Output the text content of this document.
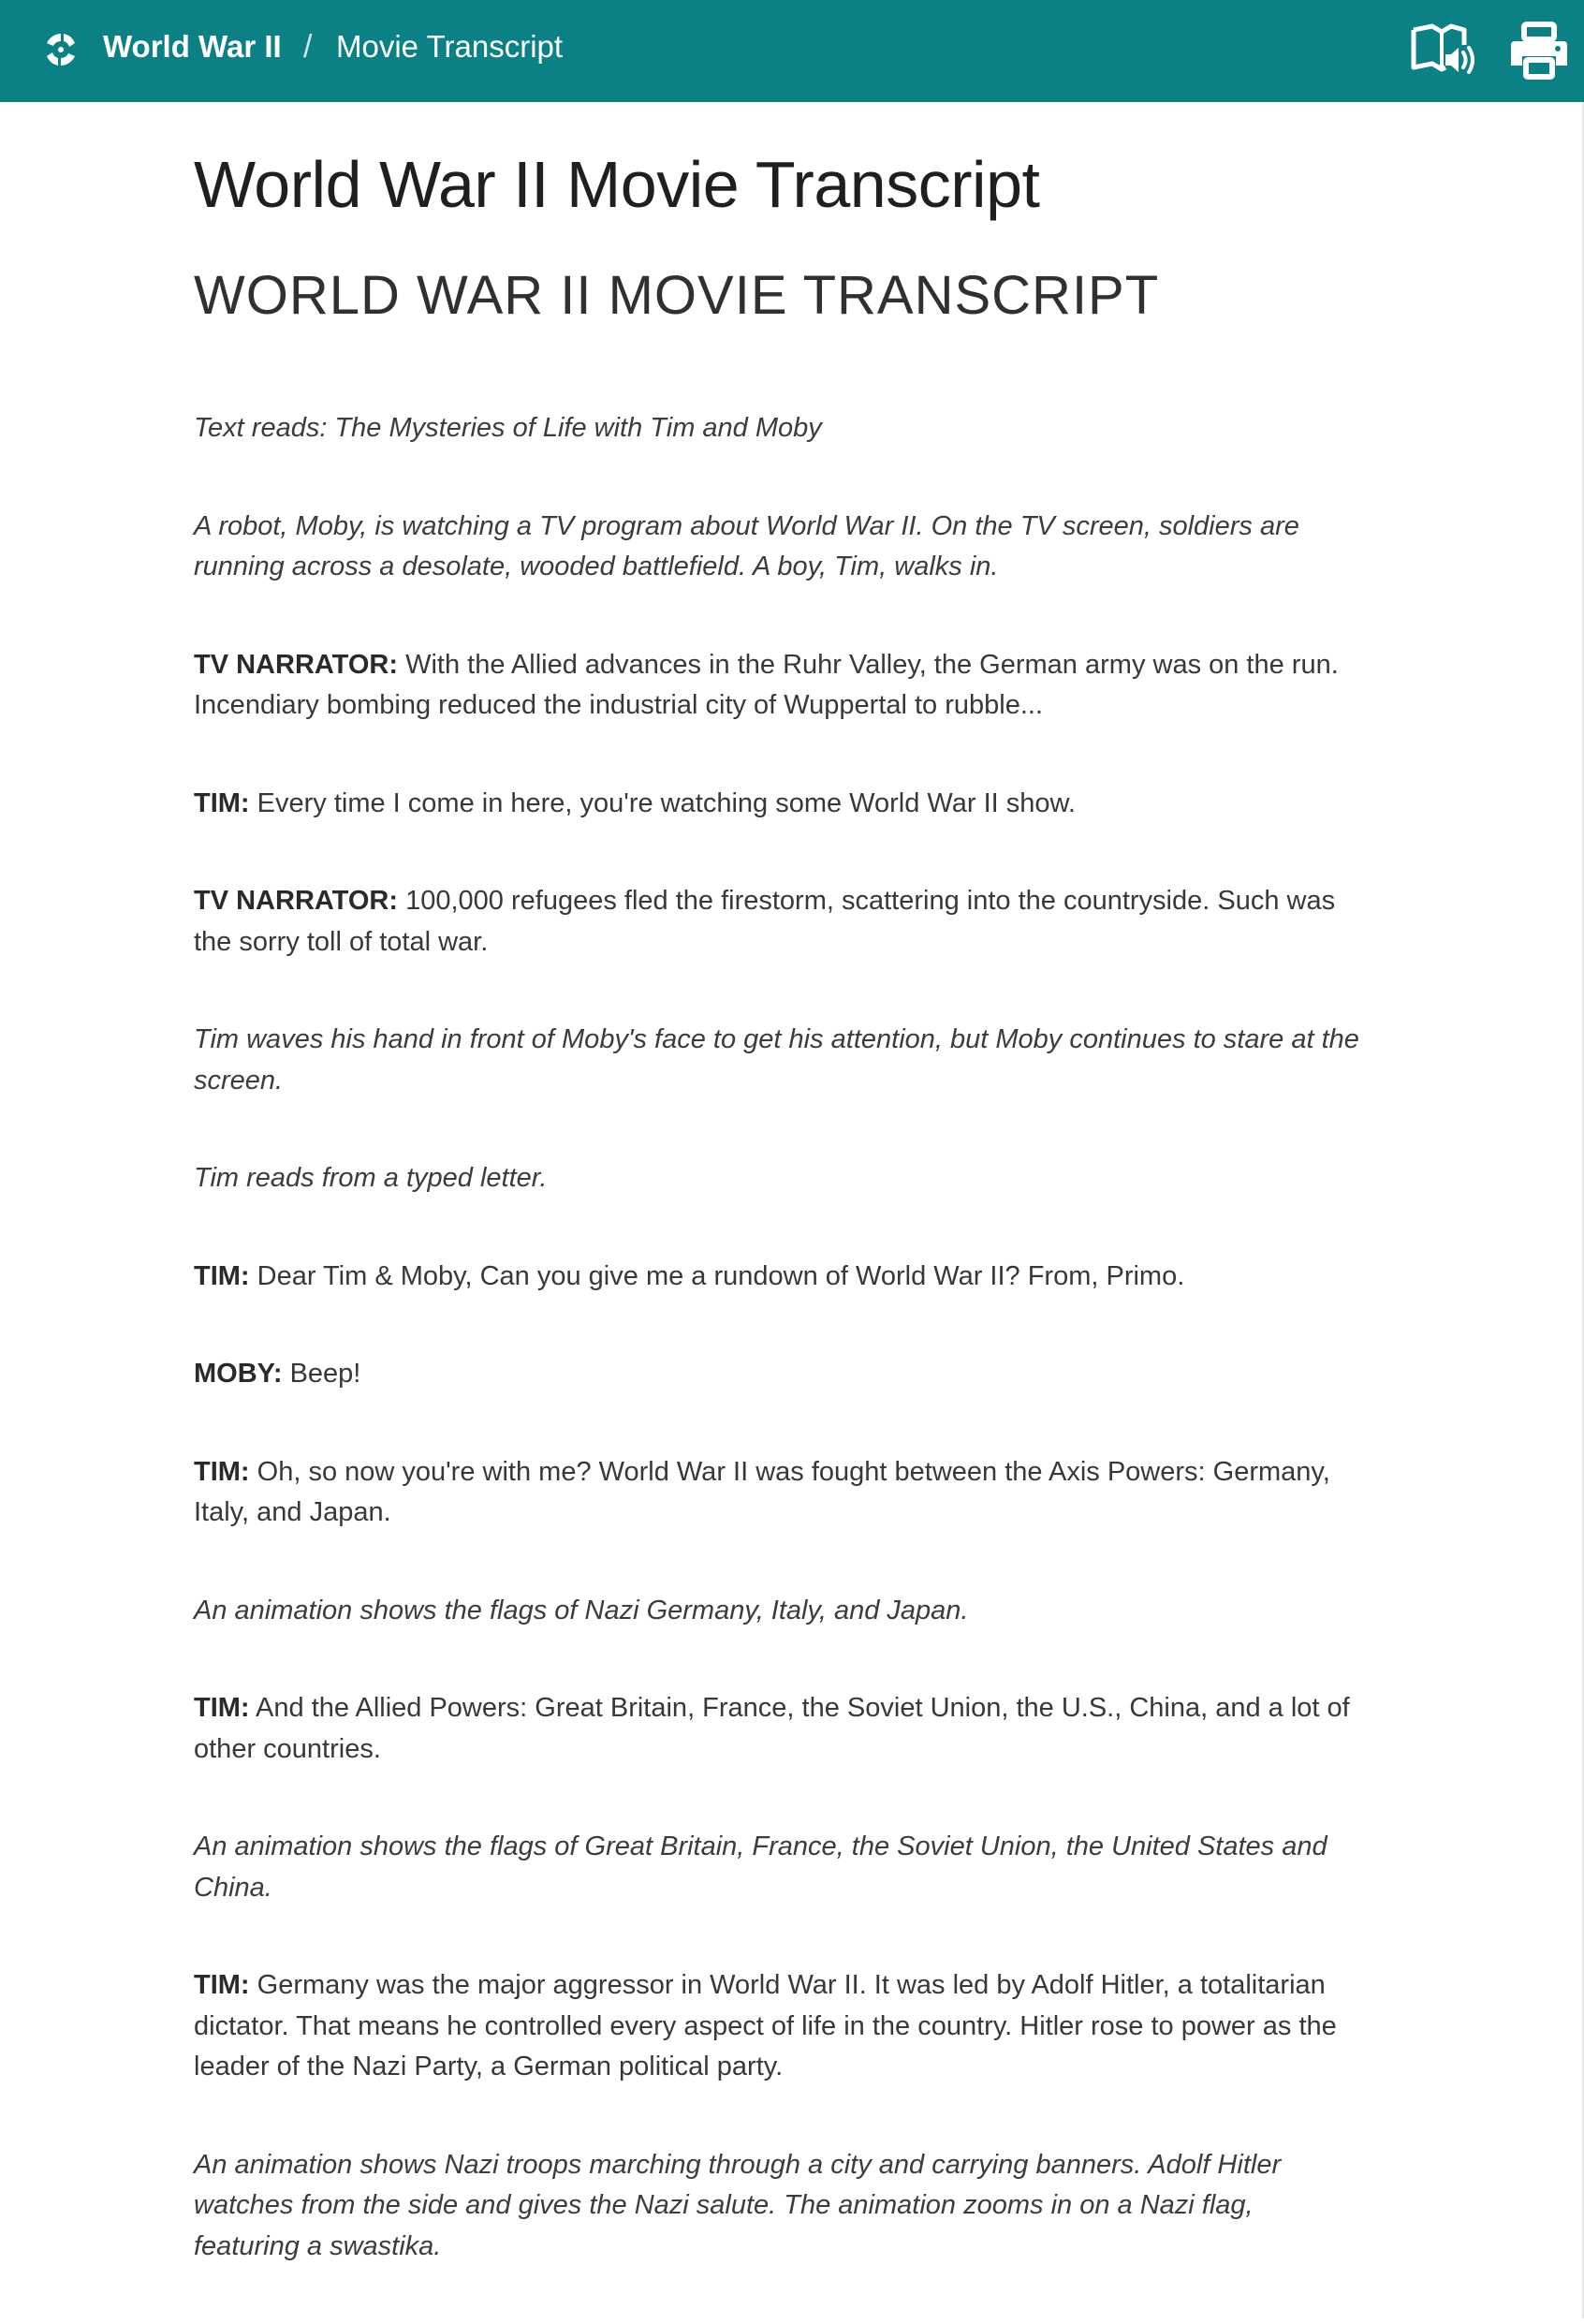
World War II / Movie Transcript
World War II Movie Transcript
WORLD WAR II MOVIE TRANSCRIPT

Text reads: The Mysteries of Life with Tim and Moby

A robot, Moby, is watching a TV program about World War II. On the TV screen, soldiers are running across a desolate, wooded battlefield. A boy, Tim, walks in.

TV NARRATOR: With the Allied advances in the Ruhr Valley, the German army was on the run. Incendiary bombing reduced the industrial city of Wuppertal to rubble...

TIM: Every time I come in here, you're watching some World War II show.

TV NARRATOR: 100,000 refugees fled the firestorm, scattering into the countryside. Such was the sorry toll of total war.

Tim waves his hand in front of Moby's face to get his attention, but Moby continues to stare at the screen.

Tim reads from a typed letter.

TIM: Dear Tim & Moby, Can you give me a rundown of World War II? From, Primo.

MOBY: Beep!

TIM: Oh, so now you're with me? World War II was fought between the Axis Powers: Germany, Italy, and Japan.

An animation shows the flags of Nazi Germany, Italy, and Japan.

TIM: And the Allied Powers: Great Britain, France, the Soviet Union, the U.S., China, and a lot of other countries.

An animation shows the flags of Great Britain, France, the Soviet Union, the United States and China.

TIM: Germany was the major aggressor in World War II. It was led by Adolf Hitler, a totalitarian dictator. That means he controlled every aspect of life in the country. Hitler rose to power as the leader of the Nazi Party, a German political party.

An animation shows Nazi troops marching through a city and carrying banners. Adolf Hitler watches from the side and gives the Nazi salute. The animation zooms in on a Nazi flag, featuring a swastika.
